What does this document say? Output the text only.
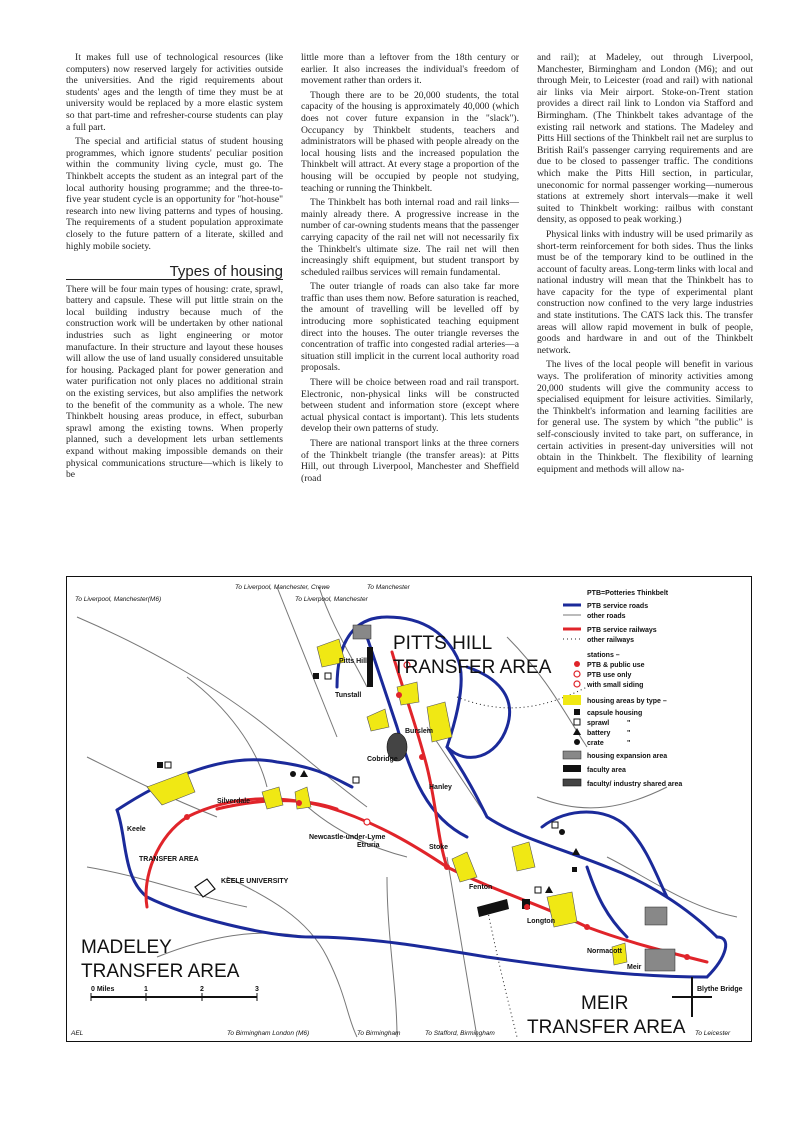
It makes full use of technological resources (like computers) now reserved largely for activities outside the universities. And the rigid requirements about students' ages and the length of time they must be at university would be replaced by a more elastic system so that part-time and refresher-course students can play a full part.

The special and artificial status of student housing programmes, which ignore students' peculiar position within the community living cycle, must go. The Thinkbelt accepts the student as an integral part of the local authority housing programme; and the three-to-five year student cycle is an opportunity for "hot-house" research into new living patterns and types of housing. The requirements of a student population approximate closely to the future pattern of a literate, skilled and highly mobile society.

Types of housing

There will be four main types of housing: crate, sprawl, battery and capsule. These will put little strain on the local building industry because much of the construction work will be undertaken by other national industries such as light engineering or motor manufacture. In their structure and layout these houses will allow the use of land usually considered unsuitable for housing. Packaged plant for power generation and water purification not only places no additional strain on the existing services, but also amplifies the network to the benefit of the community as a whole. The new Thinkbelt housing areas produce, in effect, suburban sprawl among the existing towns. When properly planned, such a development lets urban settlements expand without making impossible demands on their physical communications structure—which is likely to be

little more than a leftover from the 18th century or earlier. It also increases the individual's freedom of movement rather than orders it.

Though there are to be 20,000 students, the total capacity of the housing is approximately 40,000 (which does not cover future expansion in the "slack"). Occupancy by Thinkbelt students, teachers and administrators will be phased with people already on the local housing lists and the increased population the Thinkbelt will attract. At every stage a proportion of the housing will be occupied by people not studying, teaching or running the Thinkbelt.

The Thinkbelt has both internal road and rail links—mainly already there. A progressive increase in the number of car-owning students means that the passenger carrying capacity of the rail net will not necessarily fix the Thinkbelt's ultimate size. The rail net will then increasingly shift equipment, but student transport by scheduled railbus services will remain fundamental.

The outer triangle of roads can also take far more traffic than uses them now. Before saturation is reached, the amount of travelling will be levelled off by introducing more sophisticated teaching equipment direct into the houses. The outer triangle reverses the concentration of traffic into congested radial arteries—a situation still implicit in the current local authority road proposals.

There will be choice between road and rail transport. Electronic, non-physical links will be constructed between student and information store (except where actual physical contact is important). This lets students develop their own patterns of study.

There are national transport links at the three corners of the Thinkbelt triangle (the transfer areas): at Pitts Hill, out through Liverpool, Manchester and Sheffield (road

and rail); at Madeley, out through Liverpool, Manchester, Birmingham and London (M6); and out through Meir, to Leicester (road and rail) with national air links via Meir airport. Stoke-on-Trent station provides a direct rail link to London via Stafford and Birmingham. (The Thinkbelt takes advantage of the existing rail network and stations. The Madeley and Pitts Hill sections of the Thinkbelt rail net are surplus to British Rail's passenger carrying requirements and are due to be closed to passenger traffic. The conditions which make the Pitts Hill section, in particular, uneconomic for normal passenger working—numerous stations at extremely short intervals—make it well suited to Thinkbelt working: railbus with constant density, as opposed to peak working.)

Physical links with industry will be used primarily as short-term reinforcement for both sides. Thus the links must be of the temporary kind to be outlined in the account of faculty areas. Long-term links with local and national industry will mean that the Thinkbelt has to have capacity for the type of experimental plant construction now confined to the very large industries and state institutions. The CATS lack this. The transfer areas will allow rapid movement in bulk of people, goods and hardware in and out of the Thinkbelt network.

The lives of the local people will benefit in various ways. The proliferation of minority activities among 20,000 students will give the community access to specialised equipment for leisure activities. Similarly, the Thinkbelt's information and learning facilities are for general use. The system by which "the public" is self-consciously invited to take part, on sufferance, in certain activities in present-day universities will not obtain in the Thinkbelt. The flexibility of learning equipment and methods will allow na-

To Liverpool, Manchester(M6)
To Liverpool, Manchester, Crewe
To Liverpool, Manchester
To Manchester
To Birmingham London (M6)	To Birmingham	To Stafford, Birmingham	To Leicester
AEL
Pitts Hill
Tunstall
Burslem
Cobridge
Hanley
Etruria
Silverdale
Keele
TRANSFER AREA
KEELE UNIVERSITY
Newcastle-under-Lyme
Stoke
Fenton
Longton
Normacott
Meir
Blythe Bridge
PITTS HILL
TRANSFER AREA
MADELEY
TRANSFER AREA
MEIR
TRANSFER AREA
0 Miles	1	2	3
PTB=Potteries Thinkbelt
PTB service roads
other roads
PTB service railways
other railways
stations –
PTB & public use
PTB use only
with small siding
housing areas by type –
capsule housing
sprawl	"
battery "
crate	"
housing expansion area
faculty area
faculty/ industry shared area
